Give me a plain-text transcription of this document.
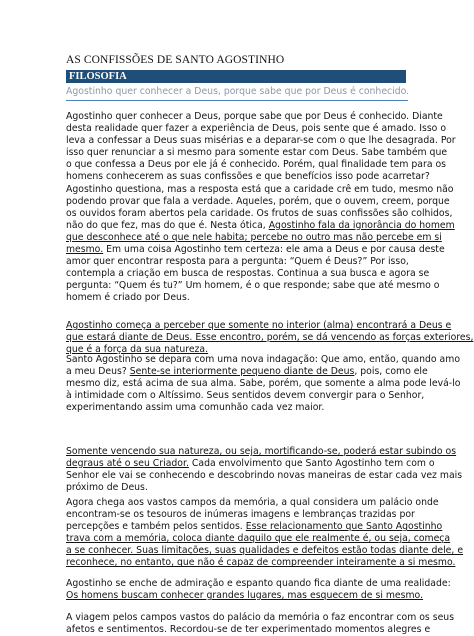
AS CONFISSÕES DE SANTO AGOSTINHO
FILOSOFIA
Agostinho quer conhecer a Deus, porque sabe que por Deus é conhecido.
Agostinho quer conhecer a Deus, porque sabe que por Deus é conhecido. Diante
desta realidade quer fazer a experiência de Deus, pois sente que é amado. Isso o
leva a confessar a Deus suas misérias e a deparar-se com o que lhe desagrada. Por
isso quer renunciar a si mesmo para somente estar com Deus. Sabe também que
o que confessa a Deus por ele já é conhecido. Porém, qual finalidade tem para os
homens conhecerem as suas confissões e que benefícios isso pode acarretar?
Agostinho questiona, mas a resposta está que a caridade crê em tudo, mesmo não
podendo provar que fala a verdade. Aqueles, porém, que o ouvem, creem, porque
os ouvidos foram abertos pela caridade. Os frutos de suas confissões são colhidos,
não do que fez, mas do que é. Nesta ótica, Agostinho fala da ignorância do homem
que desconhece até o que nele habita; percebe no outro mas não percebe em si
mesmo. Em uma coisa Agostinho tem certeza: ele ama a Deus e por causa deste
amor quer encontrar resposta para a pergunta: “Quem é Deus?” Por isso,
contempla a criação em busca de respostas. Continua a sua busca e agora se
pergunta: “Quem és tu?” Um homem, é o que responde; sabe que até mesmo o
homem é criado por Deus.
Agostinho começa a perceber que somente no interior (alma) encontrará a Deus e
que estará diante de Deus. Esse encontro, porém, se dá vencendo as forças exteriores,
que é a força da sua natureza.
Santo Agostinho se depara com uma nova indagação: Que amo, então, quando amo
a meu Deus? Sente-se interiormente pequeno diante de Deus, pois, como ele
mesmo diz, está acima de sua alma. Sabe, porém, que somente a alma pode levá-lo
à intimidade com o Altíssimo. Seus sentidos devem convergir para o Senhor,
experimentando assim uma comunhão cada vez maior.
Somente vencendo sua natureza, ou seja, mortificando-se, poderá estar subindo os
degraus até o seu Criador. Cada envolvimento que Santo Agostinho tem com o
Senhor ele vai se conhecendo e descobrindo novas maneiras de estar cada vez mais
próximo de Deus.
Agora chega aos vastos campos da memória, a qual considera um palácio onde
encontram-se os tesouros de inúmeras imagens e lembranças trazidas por
percepções e também pelos sentidos. Esse relacionamento que Santo Agostinho
trava com a memória, coloca diante daquilo que ele realmente é, ou seja, começa
a se conhecer. Suas limitações, suas qualidades e defeitos estão todas diante dele, e
reconhece, no entanto, que não é capaz de compreender inteiramente a si mesmo.
Agostinho se enche de admiração e espanto quando fica diante de uma realidade:
Os homens buscam conhecer grandes lugares, mas esquecem de si mesmo.
A viagem pelos campos vastos do palácio da memória o faz encontrar com os seus
afetos e sentimentos. Recordou-se de ter experimentado momentos alegres e
